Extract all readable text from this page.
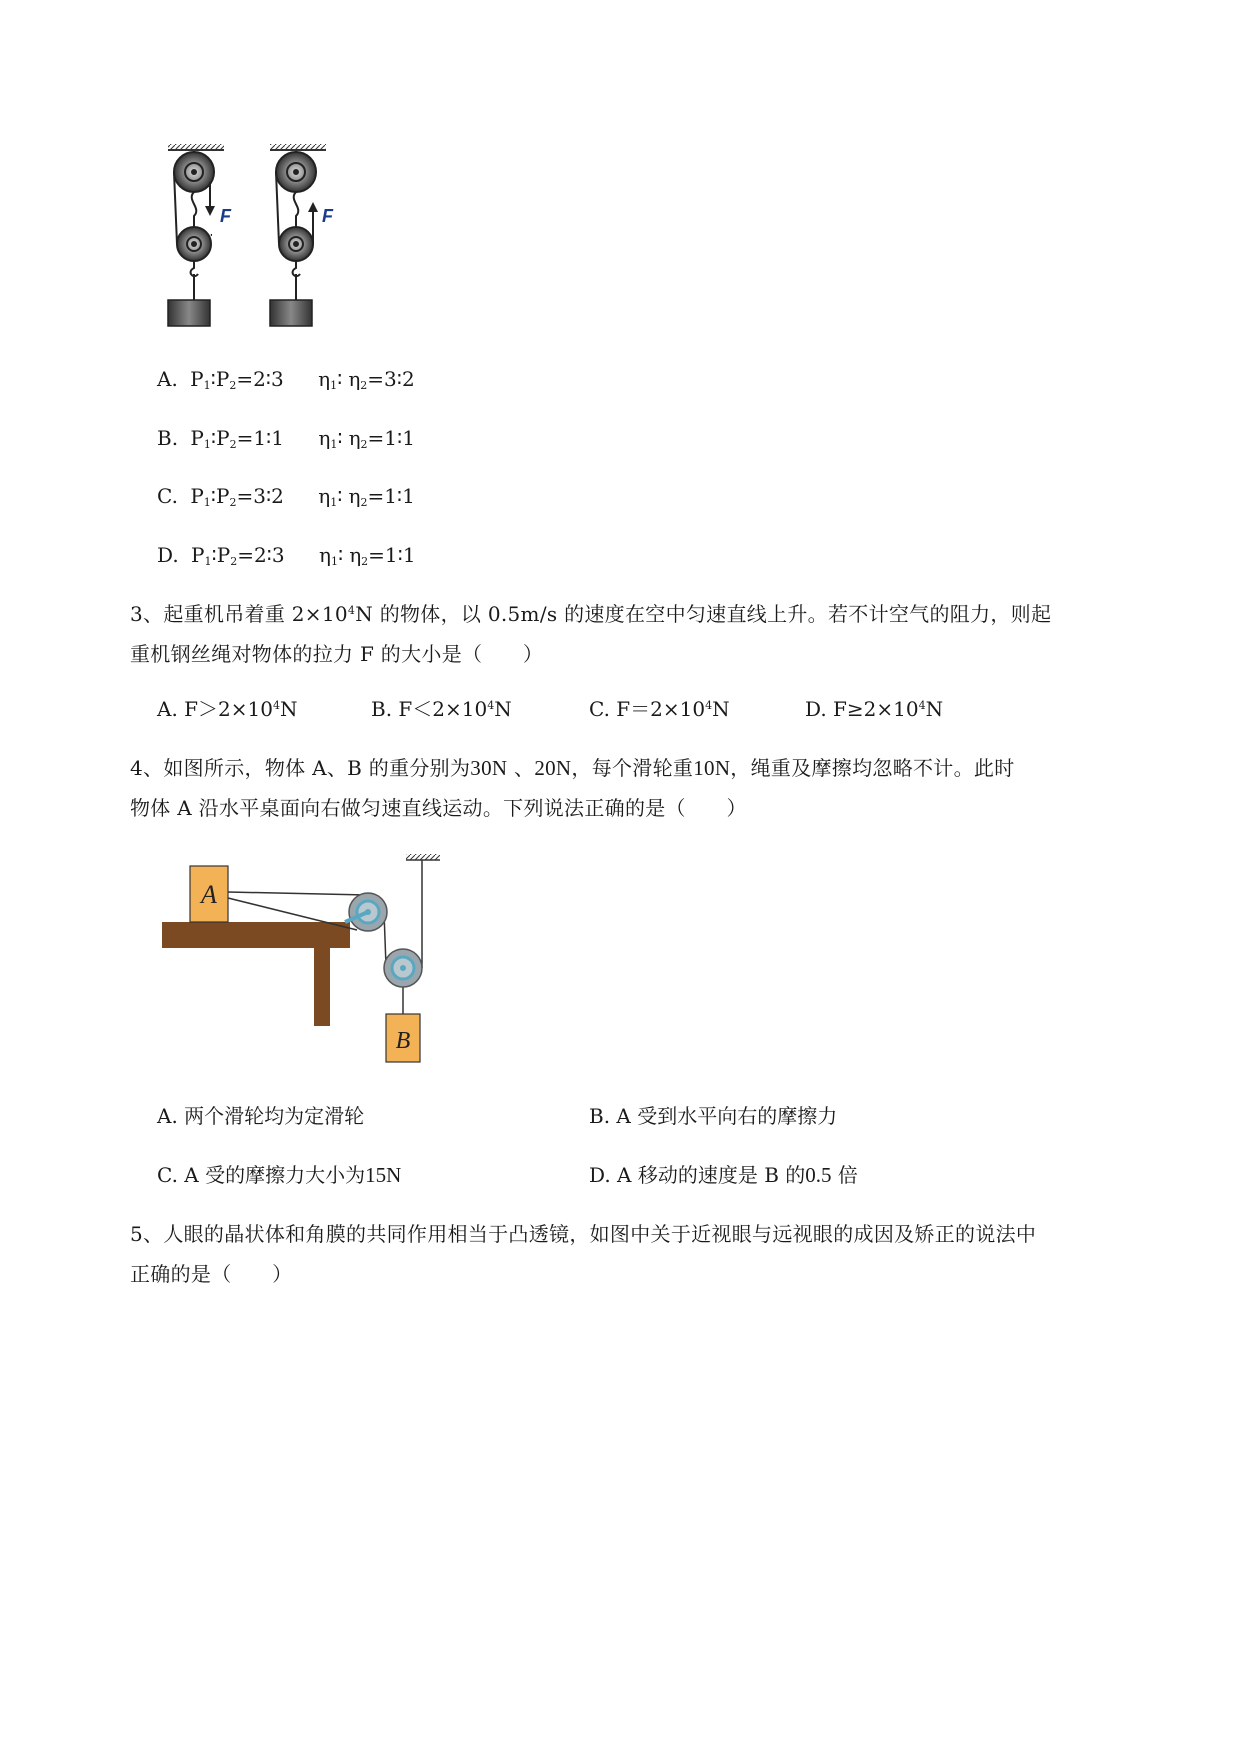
F	F
A. $P_1∶P_2=2∶3$ $\eta_1∶$ $\eta_2=3∶2$
B. $P_1∶P_2=1∶1$ $\eta_1∶$ $\eta_2=1∶1$
C. $P_1∶P_2=3∶2$ $\eta_1∶$ $\eta_2=1∶1$
D. $P_1∶P_2=2∶3$ $\eta_1∶$ $\eta_2=1∶1$
3、起重机吊着重 $2\times 10^4N$ 的物体，以 0.5m/s 的速度在空中匀速直线上升。若不计空气的阻力，则起
重机钢丝绳对物体的拉力 F 的大小是（　　）
A. $F>2\times 10^4N$	B. $F<2\times 10^4N$	C. $F=2\times 10^4N$	D. $F\ge 2\times 10^4N$
4、如图所示，物体 A、B 的重分别为30N 、20N，每个滑轮重10N，绳重及摩擦均忽略不计。此时
物体 A 沿水平桌面向右做匀速直线运动。下列说法正确的是（　　）
A
B
A. 两个滑轮均为定滑轮	B. A 受到水平向右的摩擦力
C. A 受的摩擦力大小为15N	D. A 移动的速度是 B 的0.5 倍
5、人眼的晶状体和角膜的共同作用相当于凸透镜，如图中关于近视眼与远视眼的成因及矫正的说法中
正确的是（　　）
